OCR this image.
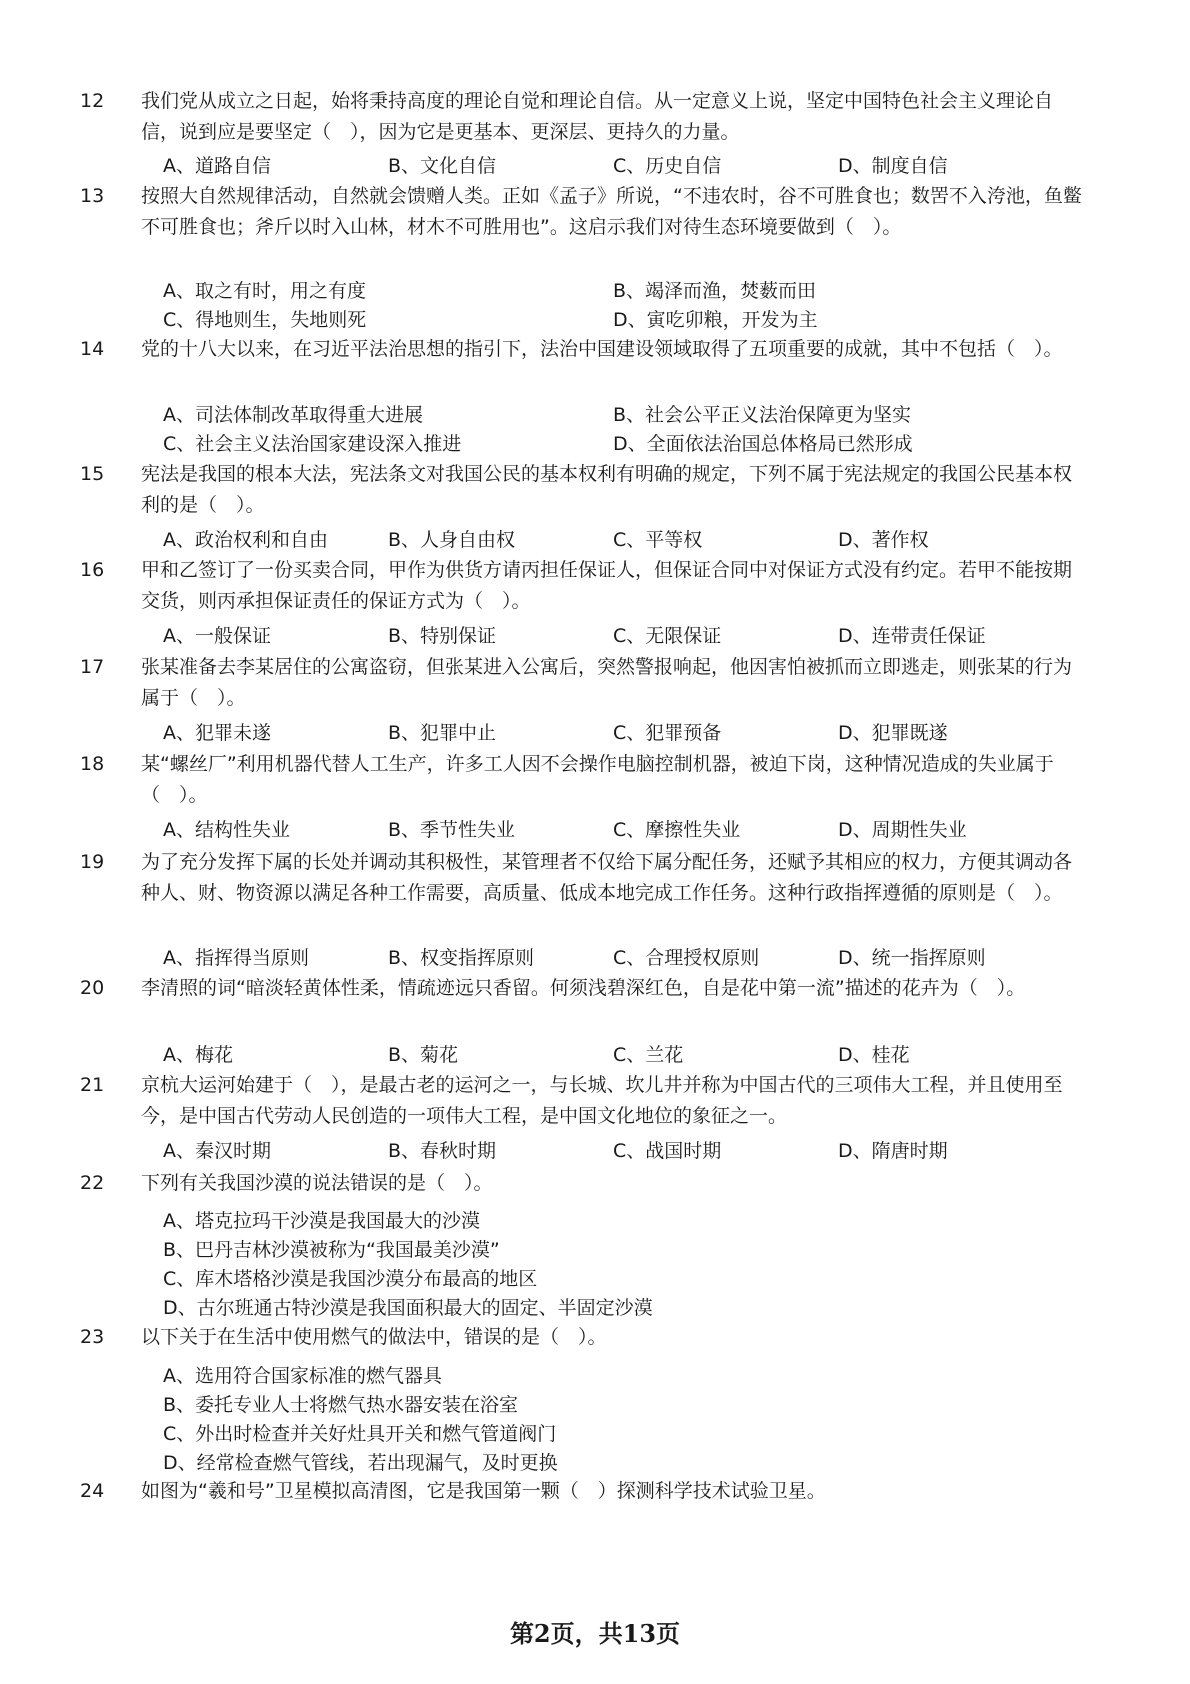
12 我们党从成立之日起，始将秉持高度的理论自觉和理论自信。从一定意义上说，坚定中国特色社会主义理论自信，说到应是要坚定（　），因为它是更基本、更深层、更持久的力量。
A、道路自信	B、文化自信	C、历史自信	D、制度自信
13 按照大自然规律活动，自然就会馈赠人类。正如《孟子》所说，“不违农时，谷不可胜食也；数罟不入洿池，鱼鳖不可胜食也；斧斤以时入山林，材木不可胜用也”。这启示我们对待生态环境要做到（　）。
A、取之有时，用之有度	B、竭泽而渔，焚薮而田
C、得地则生，失地则死	D、寅吃卯粮，开发为主
14 党的十八大以来，在习近平法治思想的指引下，法治中国建设领域取得了五项重要的成就，其中不包括（　）。
A、司法体制改革取得重大进展	B、社会公平正义法治保障更为坚实
C、社会主义法治国家建设深入推进	D、全面依法治国总体格局已然形成
15 宪法是我国的根本大法，宪法条文对我国公民的基本权利有明确的规定，下列不属于宪法规定的我国公民基本权利的是（　）。
A、政治权利和自由	B、人身自由权	C、平等权	D、著作权
16 甲和乙签订了一份买卖合同，甲作为供货方请丙担任保证人，但保证合同中对保证方式没有约定。若甲不能按期交货，则丙承担保证责任的保证方式为（　）。
A、一般保证	B、特别保证	C、无限保证	D、连带责任保证
17 张某准备去李某居住的公寓盗窃，但张某进入公寓后，突然警报响起，他因害怕被抓而立即逃走，则张某的行为属于（　）。
A、犯罪未遂	B、犯罪中止	C、犯罪预备	D、犯罪既遂
18 某“螺丝厂”利用机器代替人工生产，许多工人因不会操作电脑控制机器，被迫下岗，这种情况造成的失业属于（　）。
A、结构性失业	B、季节性失业	C、摩擦性失业	D、周期性失业
19 为了充分发挥下属的长处并调动其积极性，某管理者不仅给下属分配任务，还赋予其相应的权力，方便其调动各种人、财、物资源以满足各种工作需要，高质量、低成本地完成工作任务。这种行政指挥遵循的原则是（　）。
A、指挥得当原则	B、权变指挥原则	C、合理授权原则	D、统一指挥原则
20 李清照的词“暗淡轻黄体性柔，情疏迹远只香留。何须浅碧深红色，自是花中第一流”描述的花卉为（　）。
A、梅花	B、菊花	C、兰花	D、桂花
21 京杭大运河始建于（　），是最古老的运河之一，与长城、坎儿井并称为中国古代的三项伟大工程，并且使用至今，是中国古代劳动人民创造的一项伟大工程，是中国文化地位的象征之一。
A、秦汉时期	B、春秋时期	C、战国时期	D、隋唐时期
22 下列有关我国沙漠的说法错误的是（　）。
A、塔克拉玛干沙漠是我国最大的沙漠
B、巴丹吉林沙漠被称为“我国最美沙漠”
C、库木塔格沙漠是我国沙漠分布最高的地区
D、古尔班通古特沙漠是我国面积最大的固定、半固定沙漠
23 以下关于在生活中使用燃气的做法中，错误的是（　）。
A、选用符合国家标准的燃气器具
B、委托专业人士将燃气热水器安装在浴室
C、外出时检查并关好灶具开关和燃气管道阀门
D、经常检查燃气管线，若出现漏气，及时更换
24 如图为“羲和号”卫星模拟高清图，它是我国第一颗（　）探测科学技术试验卫星。
第2页，共13页
